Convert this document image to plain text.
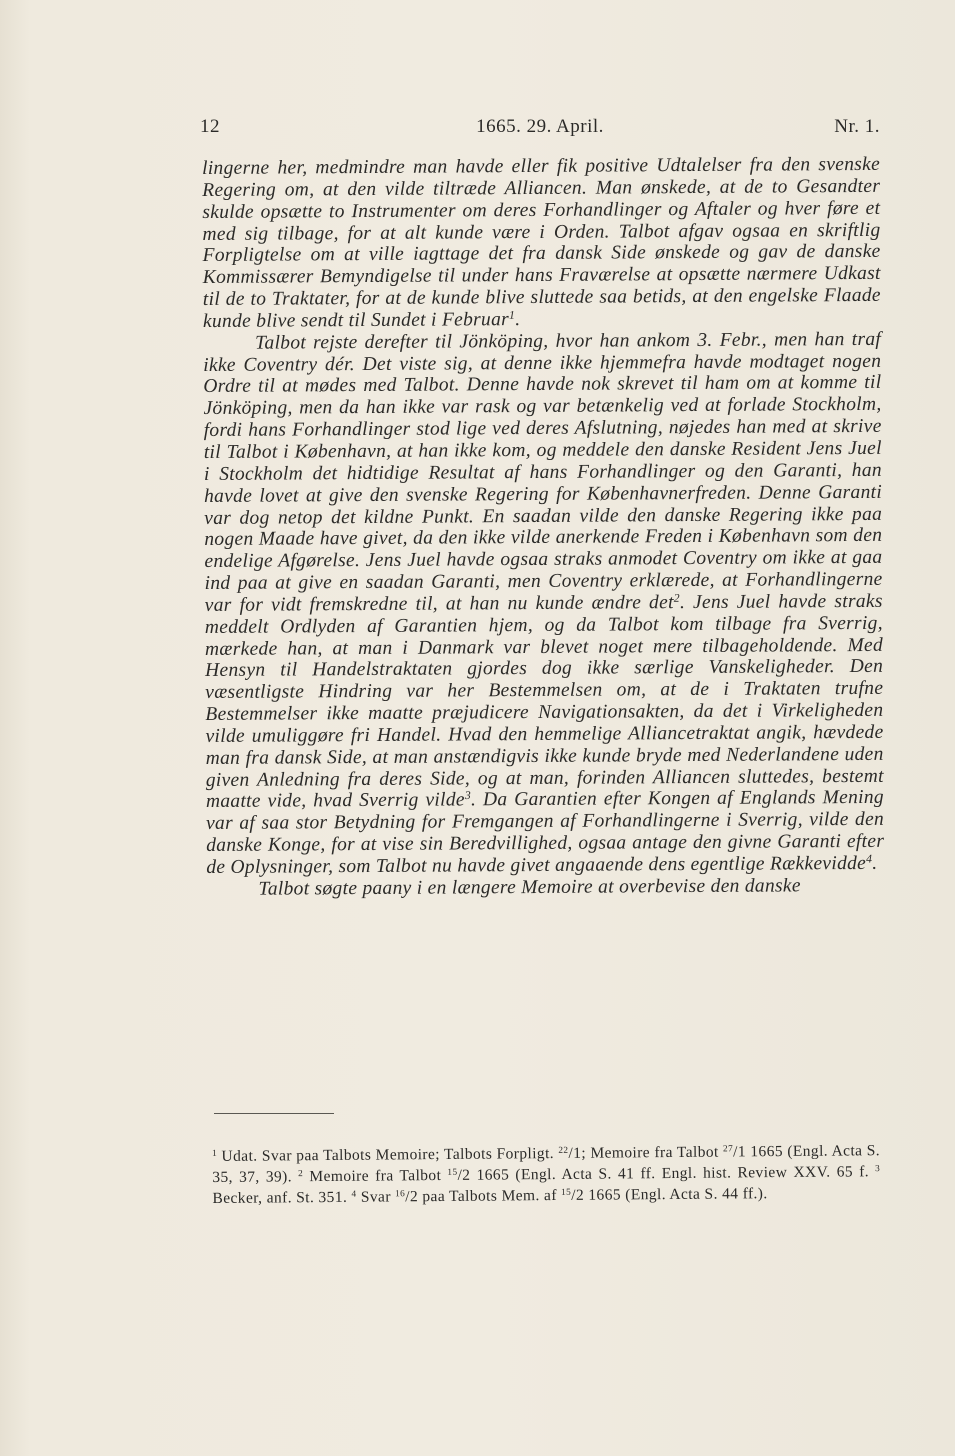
12	1665. 29. April.	Nr. 1.

lingerne her, medmindre man havde eller fik positive Udtalelser fra den svenske Regering om, at den vilde tiltræde Alliancen. Man ønskede, at de to Gesandter skulde opsætte to Instrumenter om deres Forhandlinger og Aftaler og hver føre et med sig tilbage, for at alt kunde være i Orden. Talbot afgav ogsaa en skriftlig Forpligtelse om at ville iagttage det fra dansk Side ønskede og gav de danske Kommissærer Bemyndigelse til under hans Fraværelse at opsætte nærmere Udkast til de to Traktater, for at de kunde blive sluttede saa betids, at den engelske Flaade kunde blive sendt til Sundet i Februar$^1$.

Talbot rejste derefter til Jönköping, hvor han ankom 3. Febr., men han traf ikke Coventry dér. Det viste sig, at denne ikke hjemmefra havde modtaget nogen Ordre til at mødes med Talbot. Denne havde nok skrevet til ham om at komme til Jönköping, men da han ikke var rask og var betænkelig ved at forlade Stockholm, fordi hans Forhandlinger stod lige ved deres Afslutning, nøjedes han med at skrive til Talbot i København, at han ikke kom, og meddele den danske Resident Jens Juel i Stockholm det hidtidige Resultat af hans Forhandlinger og den Garanti, han havde lovet at give den svenske Regering for Københavnerfreden. Denne Garanti var dog netop det kildne Punkt. En saadan vilde den danske Regering ikke paa nogen Maade have givet, da den ikke vilde anerkende Freden i København som den endelige Afgørelse. Jens Juel havde ogsaa straks anmodet Coventry om ikke at gaa ind paa at give en saadan Garanti, men Coventry erklærede, at Forhandlingerne var for vidt fremskredne til, at han nu kunde ændre $\det^2$. Jens Juel havde straks meddelt Ordlyden af Garantien hjem, og da Talbot kom tilbage fra Sverrig, mærkede han, at man i Danmark var blevet noget mere tilbageholdende. Med Hensyn til Handelstraktaten gjordes dog ikke særlige Vanskeligheder. Den væsentligste Hindring var her Bestemmelsen om, at de i Traktaten trufne Bestemmelser ikke maatte præjudicere Navigationsakten, da det i Virkeligheden vilde umuliggøre fri Handel. Hvad den hemmelige Alliancetraktat angik, hævdede man fra dansk Side, at man anstændigvis ikke kunde bryde med Nederlandene uden given Anledning fra deres Side, og at man, forinden Alliancen sluttedes, bestemt maatte vide, hvad Sverrig vilde$^3$. Da Garantien efter Kongen af Englands Mening var af saa stor Betydning for Fremgangen af Forhandlingerne i Sverrig, vilde den danske Konge, for at vise sin Beredvillighed, ogsaa antage den givne Garanti efter de Oplysninger, som Talbot nu havde givet angaaende dens egentlige Rækkevidde$^4$.

Talbot søgte paany i en længere Memoire at overbevise den danske

$^1$ Udat. Svar paa Talbots Memoire; Talbots Forpligt. $^{22}$/1; Memoire fra Talbot $^{27}$/1 1665 (Engl. Acta S. 35, 37, 39). $^2$ Memoire fra Talbot $^{15}$/2 1665 (Engl. Acta S. 41 ff. Engl. hist. Review XXV. 65 f. $^3$ Becker, anf. St. 351. $^4$ Svar $^{16}$/2 paa Talbots Mem. af $^{15}$/2 1665 (Engl. Acta S. 44 ff.).
